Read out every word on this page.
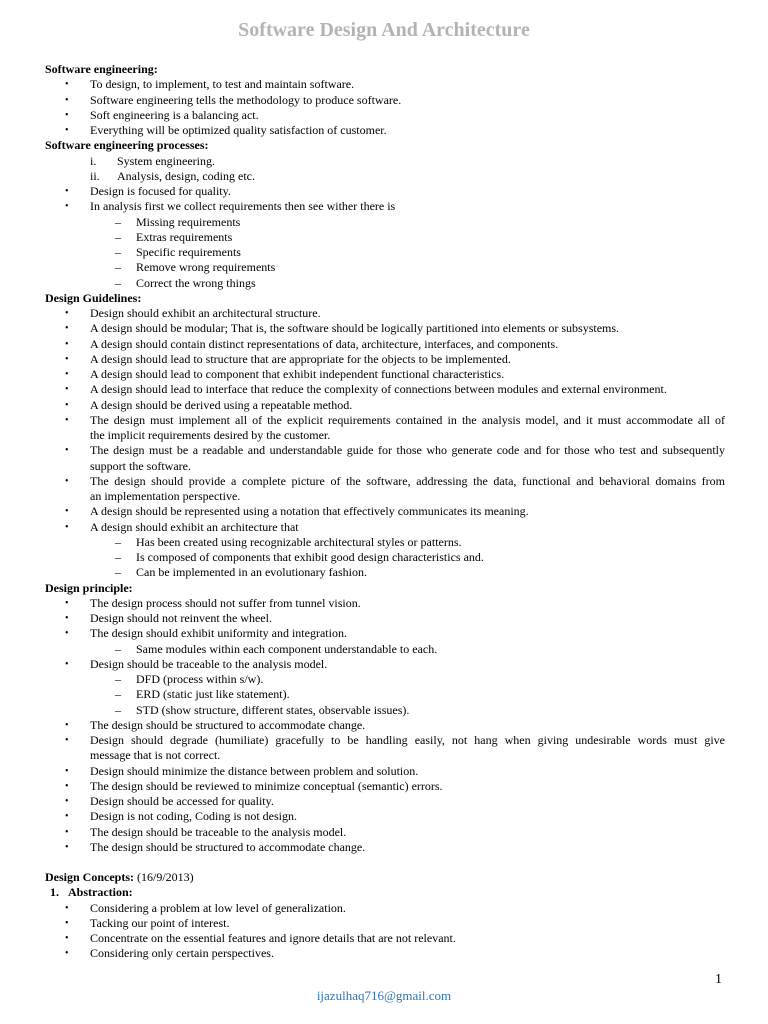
Software Design And Architecture
Software engineering:
• To design, to implement, to test and maintain software.
• Software engineering tells the methodology to produce software.
• Soft engineering is a balancing act.
• Everything will be optimized quality satisfaction of customer.
Software engineering processes:
i. System engineering.
ii. Analysis, design, coding etc.
• Design is focused for quality.
• In analysis first we collect requirements then see wither there is
– Missing requirements
– Extras requirements
– Specific requirements
– Remove wrong requirements
– Correct the wrong things
Design Guidelines:
• Design should exhibit an architectural structure.
• A design should be modular; That is, the software should be logically partitioned into elements or subsystems.
• A design should contain distinct representations of data, architecture, interfaces, and components.
• A design should lead to structure that are appropriate for the objects to be implemented.
• A design should lead to component that exhibit independent functional characteristics.
• A design should lead to interface that reduce the complexity of connections between modules and external environment.
• A design should be derived using a repeatable method.
• The design must implement all of the explicit requirements contained in the analysis model, and it must accommodate all of
the implicit requirements desired by the customer.
• The design must be a readable and understandable guide for those who generate code and for those who test and subsequently
support the software.
• The design should provide a complete picture of the software, addressing the data, functional and behavioral domains from
an implementation perspective.
• A design should be represented using a notation that effectively communicates its meaning.
• A design should exhibit an architecture that
– Has been created using recognizable architectural styles or patterns.
– Is composed of components that exhibit good design characteristics and.
– Can be implemented in an evolutionary fashion.
Design principle:
• The design process should not suffer from tunnel vision.
• Design should not reinvent the wheel.
• The design should exhibit uniformity and integration.
– Same modules within each component understandable to each.
• Design should be traceable to the analysis model.
– DFD (process within s/w).
– ERD (static just like statement).
– STD (show structure, different states, observable issues).
• The design should be structured to accommodate change.
• Design should degrade (humiliate) gracefully to be handling easily, not hang when giving undesirable words must give
message that is not correct.
• Design should minimize the distance between problem and solution.
• The design should be reviewed to minimize conceptual (semantic) errors.
• Design should be accessed for quality.
• Design is not coding, Coding is not design.
• The design should be traceable to the analysis model.
• The design should be structured to accommodate change.
Design Concepts: (16/9/2013)
1. Abstraction:
• Considering a problem at low level of generalization.
• Tacking our point of interest.
• Concentrate on the essential features and ignore details that are not relevant.
• Considering only certain perspectives.
1
ijazulhaq716@gmail.com
